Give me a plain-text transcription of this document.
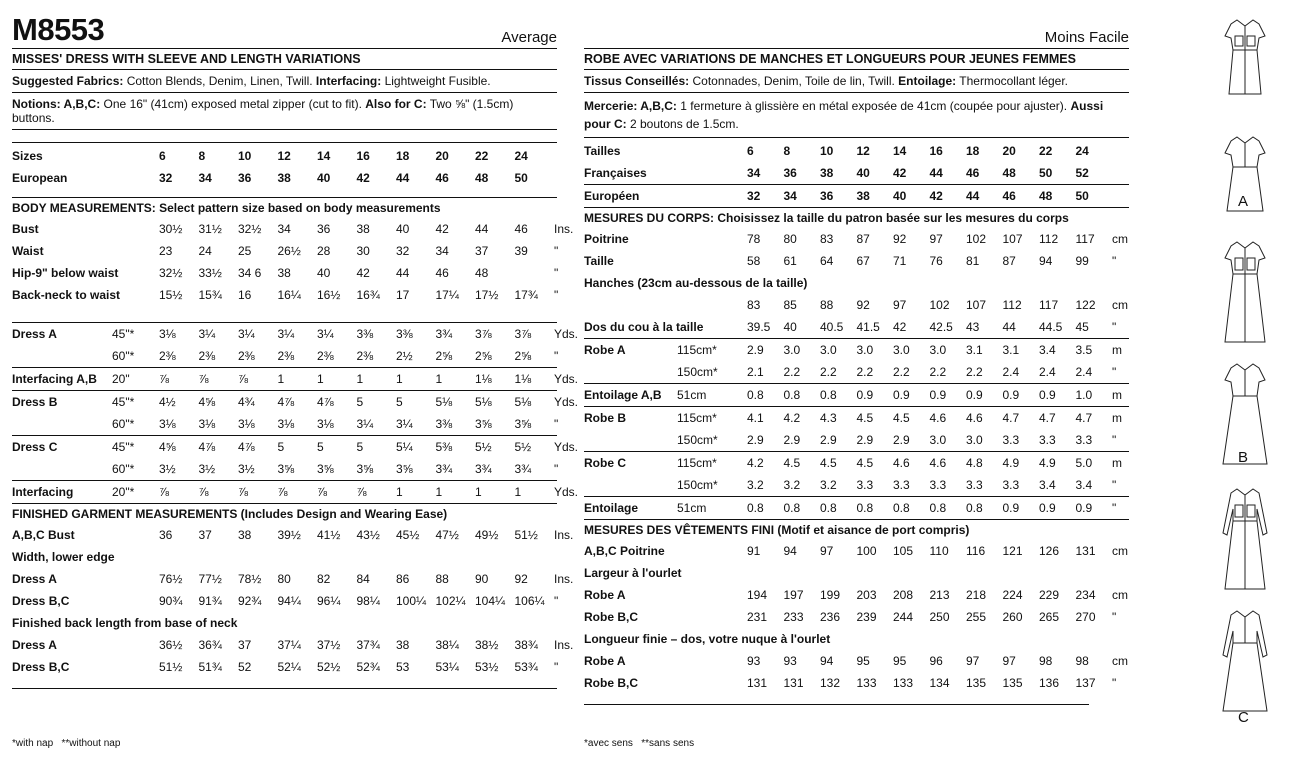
M8553	Average
MISSES' DRESS WITH SLEEVE AND LENGTH VARIATIONS
Suggested Fabrics: Cotton Blends, Denim, Linen, Twill. Interfacing: Lightweight Fusible.
Notions: A,B,C: One 16" (41cm) exposed metal zipper (cut to fit). Also for C: Two ⅝" (1.5cm) buttons.
Sizes	6	8	10	12	14	16	18	20	22	24	
European	32	34	36	38	40	42	44	46	48	50	
BODY MEASUREMENTS: Select pattern size based on body measurements
Bust	30½	31½	32½	34	36	38	40	42	44	46	Ins.
Waist	23	24	25	26½	28	30	32	34	37	39	"
Hip-9" below waist	32½	33½	34 6	38	40	42	44	46	48		"
Back-neck to waist	15½	15¾	16	16¼	16½	16¾	17	17¼	17½	17¾	"
Dress A	45"*	3⅛	3¼	3¼	3¼	3¼	3⅜	3⅜	3¾	3⅞	3⅞	Yds.
	60"*	2⅜	2⅜	2⅜	2⅜	2⅜	2⅜	2½	2⅝	2⅝	2⅝	"
Interfacing A,B	20"	⅞	⅞	⅞	1	1	1	1	1	1⅛	1⅛	Yds.
Dress B	45"*	4½	4⅝	4¾	4⅞	4⅞	5	5	5⅛	5⅛	5⅛	Yds.
	60"*	3⅛	3⅛	3⅛	3⅛	3⅛	3¼	3¼	3⅜	3⅝	3⅝	"
Dress C	45"*	4⅝	4⅞	4⅞	5	5	5	5¼	5⅜	5½	5½	Yds.
	60"*	3½	3½	3½	3⅝	3⅝	3⅝	3⅝	3¾	3¾	3¾	"
Interfacing	20"*	⅞	⅞	⅞	⅞	⅞	⅞	1	1	1	1	Yds.
FINISHED GARMENT MEASUREMENTS (Includes Design and Wearing Ease)
A,B,C Bust	36	37	38	39½	41½	43½	45½	47½	49½	51½	Ins.
Width, lower edge											
Dress A	76½	77½	78½	80	82	84	86	88	90	92	Ins.
Dress B,C	90¾	91¾	92¾	94¼	96¼	98¼	100¼	102¼	104¼	106¼	"
Finished back length from base of neck											
Dress A	36½	36¾	37	37¼	37½	37¾	38	38¼	38½	38¾	Ins.
Dress B,C	51½	51¾	52	52¼	52½	52¾	53	53¼	53½	53¾	"
Moins Facile
ROBE AVEC VARIATIONS DE MANCHES ET LONGUEURS POUR JEUNES FEMMES
Tissus Conseillés: Cotonnades, Denim, Toile de lin, Twill. Entoilage: Thermocollant léger.
Mercerie: A,B,C: 1 fermeture à glissière en métal exposée de 41cm (coupée pour ajuster). Aussi pour C: 2 boutons de 1.5cm.
Tailles	6	8	10	12	14	16	18	20	22	24	
Françaises	34	36	38	40	42	44	46	48	50	52	
Européen	32	34	36	38	40	42	44	46	48	50	
MESURES DU CORPS: Choisissez la taille du patron basée sur les mesures du corps
Poitrine	78	80	83	87	92	97	102	107	112	117	cm
Taille	58	61	64	67	71	76	81	87	94	99	"
Hanches (23cm au-dessous de la taille)											
	83	85	88	92	97	102	107	112	117	122	cm
Dos du cou à la taille	39.5	40	40.5	41.5	42	42.5	43	44	44.5	45	"
Robe A	115cm*	2.9	3.0	3.0	3.0	3.0	3.0	3.1	3.1	3.4	3.5	m
	150cm*	2.1	2.2	2.2	2.2	2.2	2.2	2.2	2.4	2.4	2.4	"
Entoilage A,B	51cm	0.8	0.8	0.8	0.9	0.9	0.9	0.9	0.9	0.9	1.0	m
Robe B	115cm*	4.1	4.2	4.3	4.5	4.5	4.6	4.6	4.7	4.7	4.7	m
	150cm*	2.9	2.9	2.9	2.9	2.9	3.0	3.0	3.3	3.3	3.3	"
Robe C	115cm*	4.2	4.5	4.5	4.5	4.6	4.6	4.8	4.9	4.9	5.0	m
	150cm*	3.2	3.2	3.2	3.3	3.3	3.3	3.3	3.3	3.4	3.4	"
Entoilage	51cm	0.8	0.8	0.8	0.8	0.8	0.8	0.8	0.9	0.9	0.9	"
MESURES DES VÊTEMENTS FINI (Motif et aisance de port compris)
A,B,C Poitrine	91	94	97	100	105	110	116	121	126	131	cm
Largeur à l'ourlet											
Robe A	194	197	199	203	208	213	218	224	229	234	cm
Robe B,C	231	233	236	239	244	250	255	260	265	270	"
Longueur finie – dos, votre nuque à l'ourlet											
Robe A	93	93	94	95	95	96	97	97	98	98	cm
Robe B,C	131	131	132	133	133	134	135	135	136	137	"
*with nap **without nap	*avec sens **sans sens
A
B
C
